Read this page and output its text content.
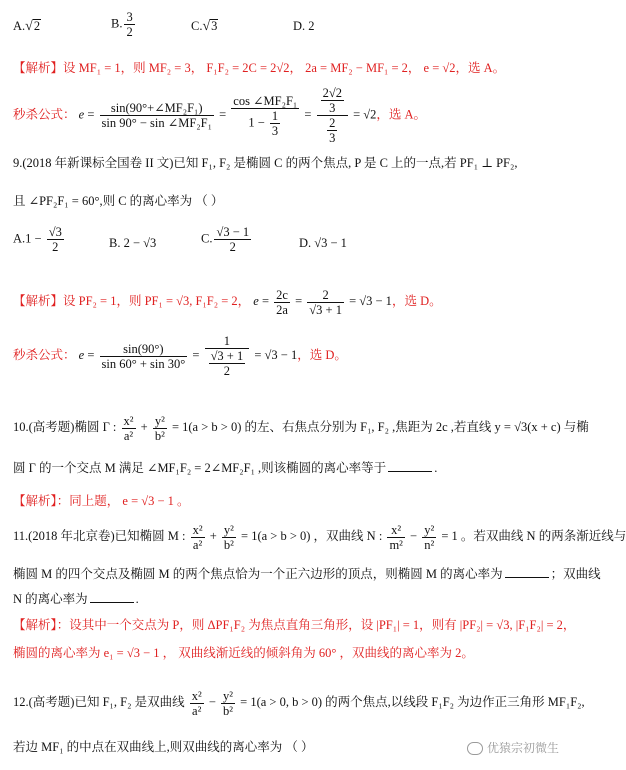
A.√2	B. $\frac{3}{2}$	C.√3	D. 2
【解析】设 MF₁ = 1，则 MF₂ = 3， F₁F₂ = 2C = 2√2， 2a = MF₂ − MF₁ = 2， e = √2，选 A。
秒杀公式： $e = \frac{\text{sin(90°+∠MF₂F₁)}}{\text{sin 90° − sin ∠MF₂F₁}} = \frac{\text{cos ∠MF₂F₁}}{1 - \frac{1}{3}} = \frac{\frac{2√2}{3}}{\frac{2}{3}} = √2$，选 A。
9.(2018 年新课标全国卷 II 文)已知 F₁, F₂ 是椭圆 C 的两个焦点, P 是 C 上的一点,若 PF₁ ⊥ PF₂,
且 ∠PF₂F₁ = 60°,则 C 的离心率为 （ ）
$A.1 - \frac{√3}{2}$	B. 2 − √3	C. $\frac{√3 - 1}{2}$	D. √3 − 1
【解析】设 PF₂ = 1，则 PF₁ = √3, F₁F₂ = 2， $e = \frac{2c}{2a} = \frac{2}{√3 + 1} = √3 - 1$，选 D。
秒杀公式： $e = \frac{\sin(90^\circ)}{\sin 60^\circ + \sin 30^\circ} = \frac{1}{\frac{√3 + 1}{2}} = √3 - 1$，选 D。
10.(高考题)椭圆 Γ : $\frac{\text{x²}}{\text{a²}} + \frac{\text{y²}}{\text{b²}} = 1(a > b > 0)$ 的左、右焦点分别为 F₁, F₂ ,焦距为 2c ,若直线 y = √3(x + c) 与椭
圆 Γ 的一个交点 M 满足 ∠MF₁F₂ = 2∠MF₂F₁ ,则该椭圆的离心率等于	.
【解析】：同上题， e = √3 − 1 。
11.(2018 年北京卷)已知椭圆 M : $\frac{\text{x²}}{\text{a²}} + \frac{\text{y²}}{\text{b²}} = 1(a > b > 0)$ ，双曲线 N : $\frac{\text{x²}}{\text{m²}} - \frac{\text{y²}}{\text{n²}} = 1$ 。若双曲线 N 的两条渐近线与
椭圆 M 的四个交点及椭圆 M 的两个焦点恰为一个正六边形的顶点，则椭圆 M 的离心率为	；双曲线
N 的离心率为	.
【解析】：设其中一个交点为 P，则 ΔPF₁F₂ 为焦点直角三角形，设 |PF₁| = 1，则有 |PF₂| = √3, |F₁F₂| = 2，
椭圆的离心率为 e₁ = √3 − 1 ， 双曲线渐近线的倾斜角为 60° ，双曲线的离心率为 2。
12.(高考题)已知 F₁, F₂ 是双曲线 $\frac{\text{x²}}{\text{a²}} - \frac{\text{y²}}{\text{b²}} = 1(a > 0$, b > 0) 的两个焦点,以线段 F₁F₂ 为边作正三角形 MF₁F₂,
若边 MF₁ 的中点在双曲线上,则双曲线的离心率为 （ ）	优猿宗初微生
